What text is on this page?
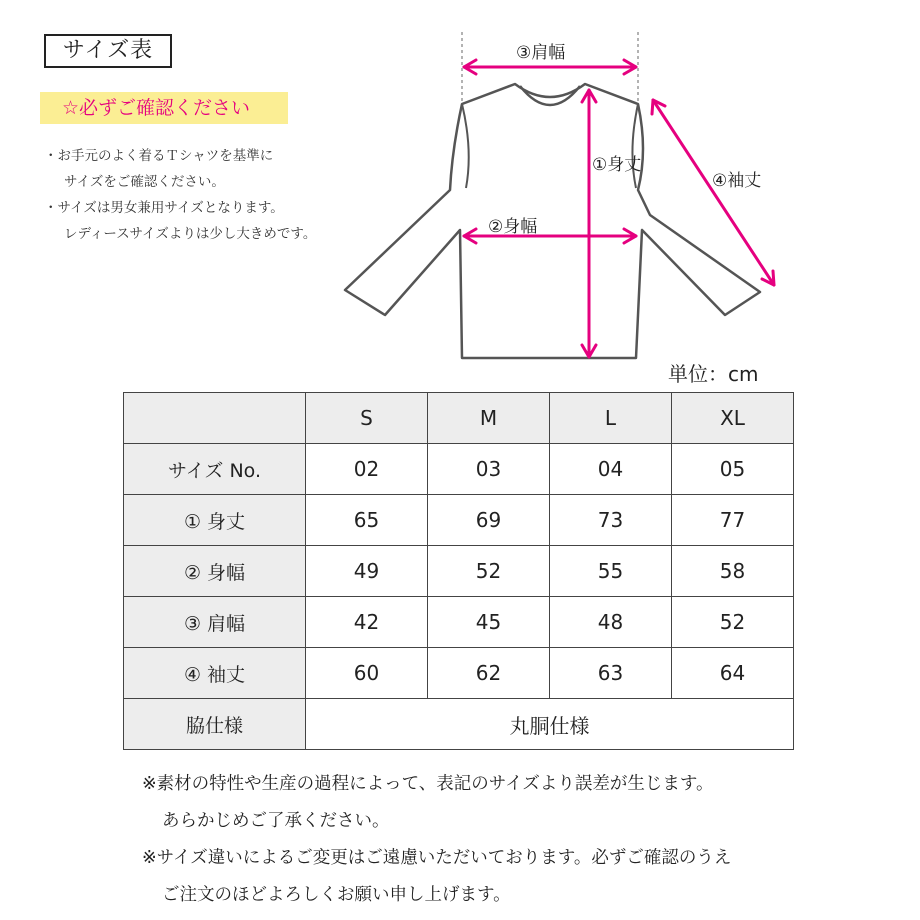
サイズ表
☆必ずご確認ください
・お手元のよく着るＴシャツを基準に
サイズをご確認ください。
・サイズは男女兼用サイズとなります。
レディースサイズよりは少し大きめです。
③肩幅
①身丈
②身幅
④袖丈
単位：cm
	S	M	L	XL
サイズ No.	02	03	04	05
① 身丈	65	69	73	77
② 身幅	49	52	55	58
③ 肩幅	42	45	48	52
④ 袖丈	60	62	63	64
脇仕様	丸胴仕様			
※素材の特性や生産の過程によって、表記のサイズより誤差が生じます。
あらかじめご了承ください。
※サイズ違いによるご変更はご遠慮いただいております。必ずご確認のうえ
ご注文のほどよろしくお願い申し上げます。
